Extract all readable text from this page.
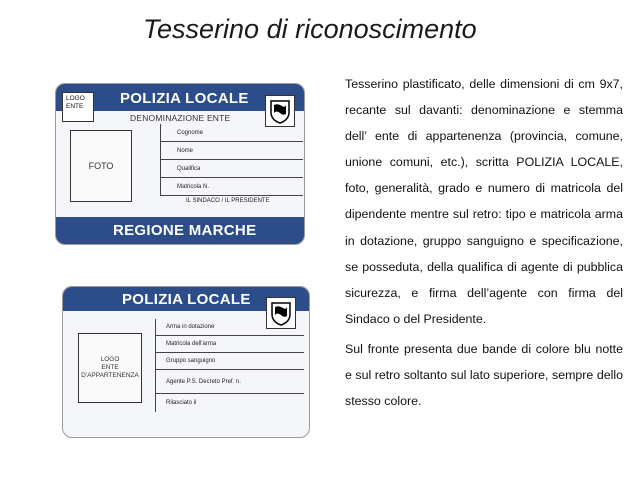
Tesserino di riconoscimento
LOGO
ENTE	POLIZIA LOCALE
DENOMINAZIONE ENTE
FOTO
Cognome
Nome
Qualifica
Matricola N.
IL SINDACO / IL PRESIDENTE
REGIONE MARCHE
POLIZIA LOCALE
LOGO
ENTE
D'APPARTENENZA
Arma in dotazione
Matricola dell'arma
Gruppo sanguigno
Agente P.S. Decreto Pref. n.
Rilasciato il

Tesserino plastificato, delle dimensioni di cm 9x7, recante sul davanti: denominazione e stemma dell’ ente di appartenenza (provincia, comune, unione comuni, etc.), scritta POLIZIA LOCALE, foto, generalità, grado e numero di matricola del dipendente mentre sul retro: tipo e matricola arma in dotazione, gruppo sanguigno e specificazione, se posseduta, della qualifica di agente di pubblica sicurezza, e firma dell’agente con firma del Sindaco o del Presidente.

Sul fronte presenta due bande di colore blu notte e sul retro soltanto sul lato superiore, sempre dello stesso colore.
